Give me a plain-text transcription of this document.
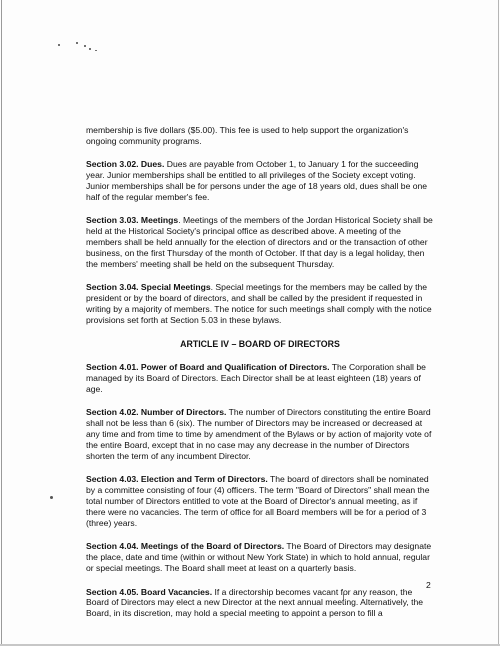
membership is five dollars ($5.00). This fee is used to help support the organization's ongoing community programs.

Section 3.02. Dues. Dues are payable from October 1, to January 1 for the succeeding year. Junior memberships shall be entitled to all privileges of the Society except voting. Junior memberships shall be for persons under the age of 18 years old, dues shall be one half of the regular member's fee.

Section 3.03. Meetings. Meetings of the members of the Jordan Historical Society shall be held at the Historical Society's principal office as described above. A meeting of the members shall be held annually for the election of directors and or the transaction of other business, on the first Thursday of the month of October. If that day is a legal holiday, then the members' meeting shall be held on the subsequent Thursday.

Section 3.04. Special Meetings. Special meetings for the members may be called by the president or by the board of directors, and shall be called by the president if requested in writing by a majority of members. The notice for such meetings shall comply with the notice provisions set forth at Section 5.03 in these bylaws.

ARTICLE IV – BOARD OF DIRECTORS

Section 4.01. Power of Board and Qualification of Directors. The Corporation shall be managed by its Board of Directors. Each Director shall be at least eighteen (18) years of age.

Section 4.02. Number of Directors. The number of Directors constituting the entire Board shall not be less than 6 (six). The number of Directors may be increased or decreased at any time and from time to time by amendment of the Bylaws or by action of majority vote of the entire Board, except that in no case may any decrease in the number of Directors shorten the term of any incumbent Director.

Section 4.03. Election and Term of Directors. The board of directors shall be nominated by a committee consisting of four (4) officers. The term "Board of Directors" shall mean the total number of Directors entitled to vote at the Board of Director's annual meeting, as if there were no vacancies. The term of office for all Board members will be for a period of 3 (three) years.

Section 4.04. Meetings of the Board of Directors. The Board of Directors may designate the place, date and time (within or without New York State) in which to hold annual, regular or special meetings. The Board shall meet at least on a quarterly basis.

Section 4.05. Board Vacancies. If a directorship becomes vacant for any reason, the Board of Directors may elect a new Director at the next annual meeting. Alternatively, the Board, in its discretion, may hold a special meeting to appoint a person to fill a

2
